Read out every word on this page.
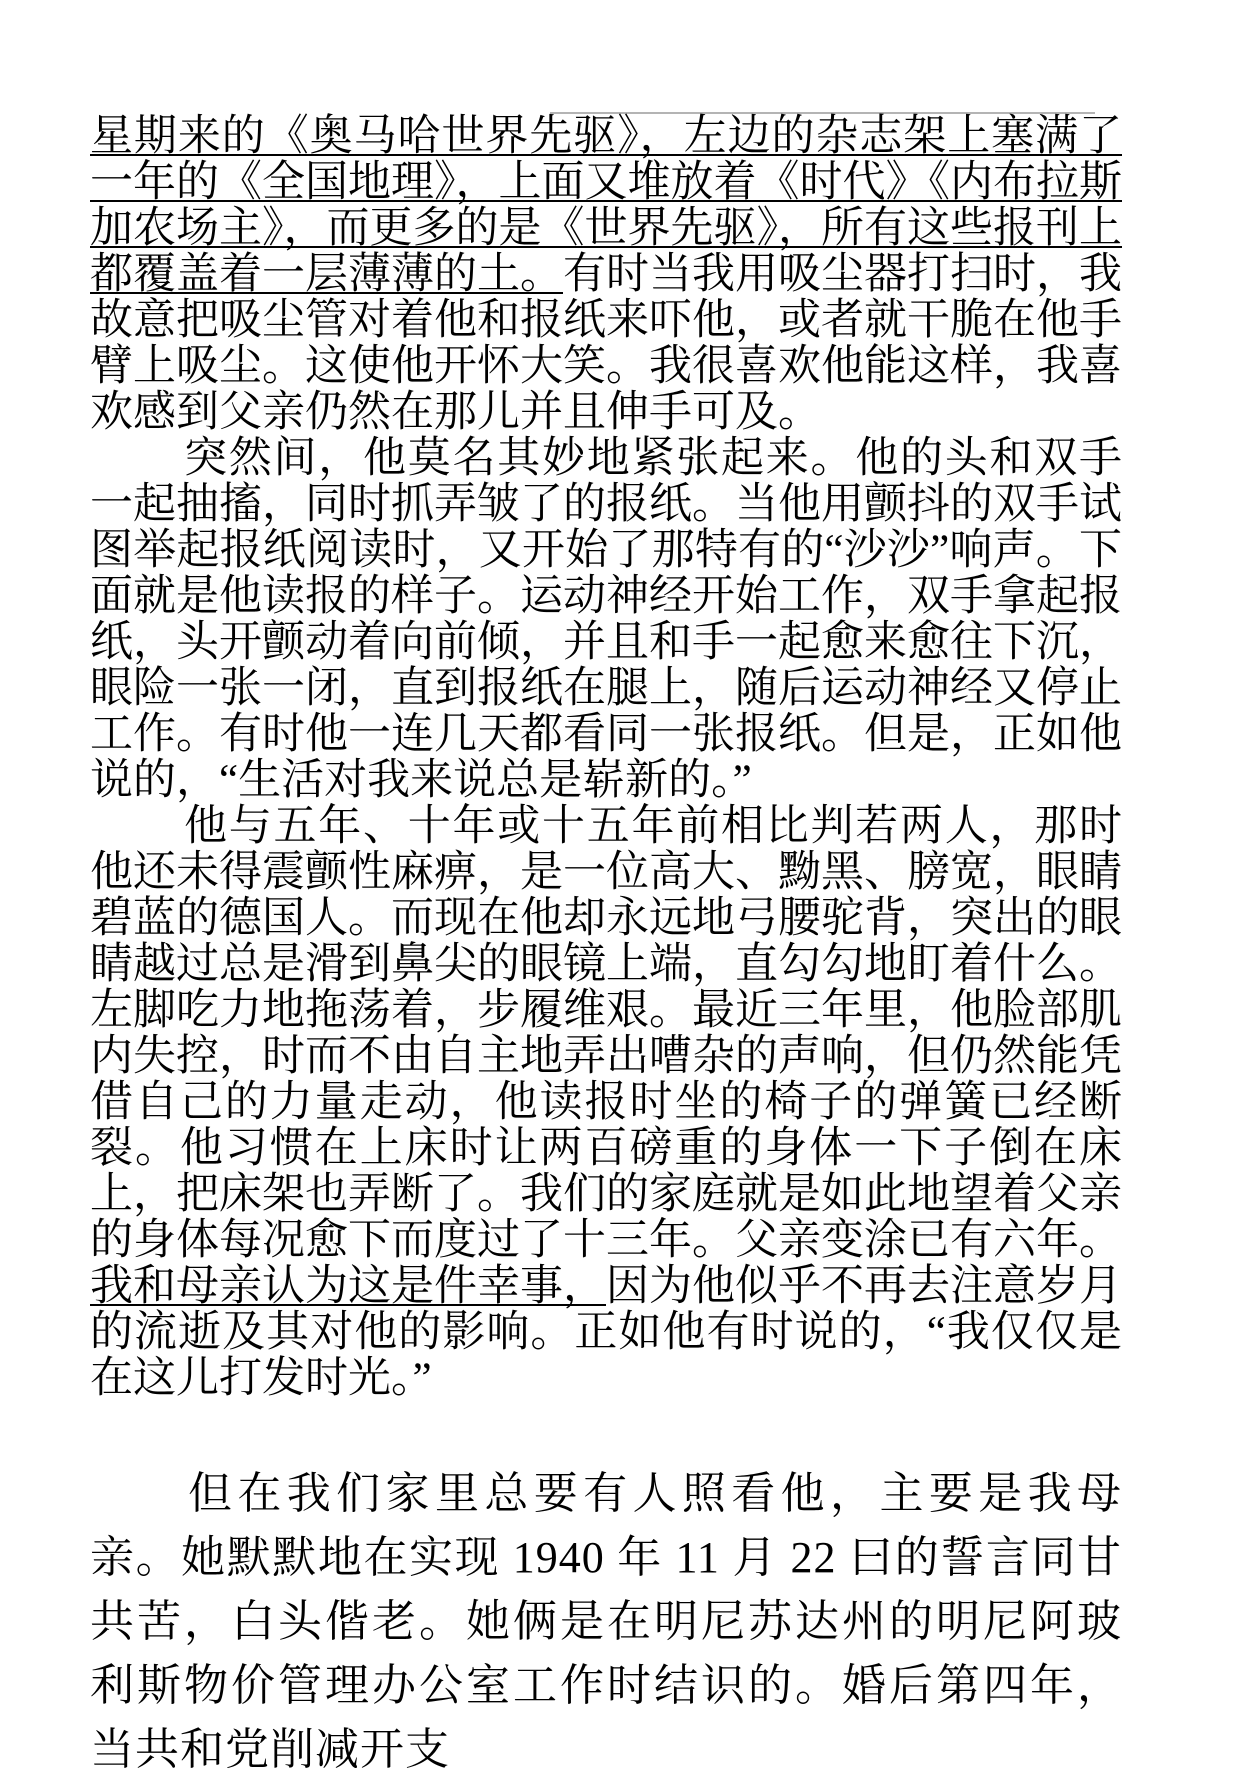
星期来的《奥马哈世界先驱》，左边的杂志架上塞满了一年的《全国地理》，上面又堆放着《时代》《内布拉斯加农场主》，而更多的是《世界先驱》，所有这些报刊上都覆盖着一层薄薄的土。有时当我用吸尘器打扫时，我故意把吸尘管对着他和报纸来吓他，或者就干脆在他手臂上吸尘。这使他开怀大笑。我很喜欢他能这样，我喜欢感到父亲仍然在那儿并且伸手可及。

突然间，他莫名其妙地紧张起来。他的头和双手一起抽搐，同时抓弄皱了的报纸。当他用颤抖的双手试图举起报纸阅读时，又开始了那特有的“沙沙”响声。下面就是他读报的样子。运动神经开始工作，双手拿起报纸，头开颤动着向前倾，并且和手一起愈来愈往下沉，眼险一张一闭，直到报纸在腿上，随后运动神经又停止工作。有时他一连几天都看同一张报纸。但是，正如他说的，“生活对我来说总是崭新的。”

他与五年、十年或十五年前相比判若两人，那时他还未得震颤性麻痹，是一位高大、黝黑、膀宽，眼睛碧蓝的德国人。而现在他却永远地弓腰驼背，突出的眼睛越过总是滑到鼻尖的眼镜上端，直勾勾地盯着什么。左脚吃力地拖荡着，步履维艰。最近三年里，他脸部肌内失控，时而不由自主地弄出嘈杂的声响，但仍然能凭借自己的力量走动，他读报时坐的椅子的弹簧已经断裂。他习惯在上床时让两百磅重的身体一下子倒在床上，把床架也弄断了。我们的家庭就是如此地望着父亲的身体每况愈下而度过了十三年。父亲变涂已有六年。我和母亲认为这是件幸事，因为他似乎不再去注意岁月的流逝及其对他的影响。正如他有时说的，“我仅仅是在这儿打发时光。”

但在我们家里总要有人照看他，主要是我母亲。她默默地在实现 1940 年 11 月 22 曰的誓言同甘共苦，白头偕老。她俩是在明尼苏达州的明尼阿玻利斯物价管理办公室工作时结识的。婚后第四年，当共和党削减开支
